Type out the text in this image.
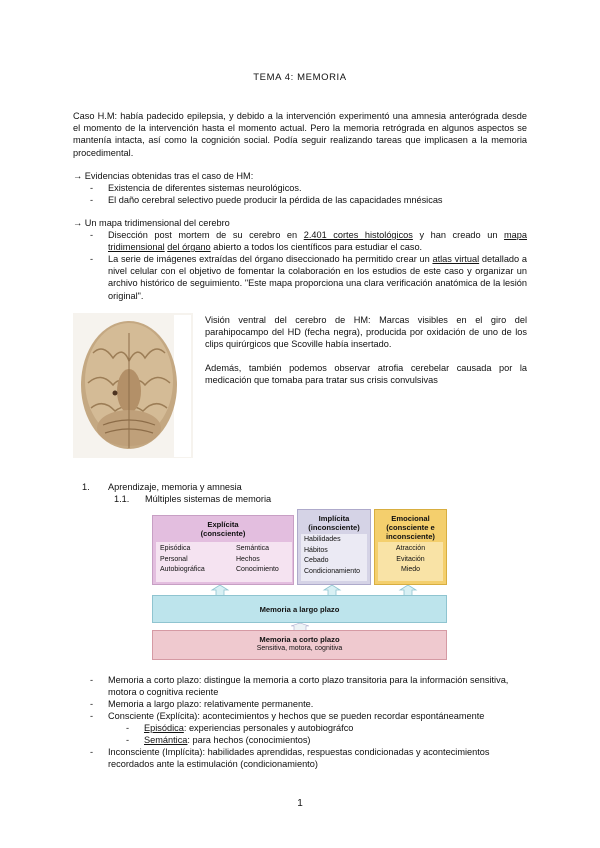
TEMA 4: MEMORIA
Caso H.M: había padecido epilepsia, y debido a la intervención experimentó una amnesia anterógrada desde el momento de la intervención hasta el momento actual. Pero la memoria retrógrada en algunos aspectos se mantenía intacta, así como la cognición social. Podía seguir realizando tareas que implicasen a la memoria procedimental.
→ Evidencias obtenidas tras el caso de HM:
- Existencia de diferentes sistemas neurológicos.
- El daño cerebral selectivo puede producir la pérdida de las capacidades mnésicas
→ Un mapa tridimensional del cerebro
- Disección post mortem de su cerebro en 2.401 cortes histológicos y han creado un mapa tridimensional del órgano abierto a todos los científicos para estudiar el caso.
- La serie de imágenes extraídas del órgano diseccionado ha permitido crear un atlas virtual detallado a nivel celular con el objetivo de fomentar la colaboración en los estudios de este caso y organizar un archivo histórico de seguimiento. "Este mapa proporciona una clara verificación anatómica de la lesión original".
Visión ventral del cerebro de HM: Marcas visibles en el giro del parahipocampo del HD (fecha negra), producida por oxidación de uno de los clips quirúrgicos que Scoville había insertado.
Además, también podemos observar atrofia cerebelar causada por la medicación que tomaba para tratar sus crisis convulsivas
1. Aprendizaje, memoria y amnesia
1.1. Múltiples sistemas de memoria
Explícita
(consciente)
Episódica
Personal
Autobiográfica
Semántica
Hechos
Conocimiento
Implícita
(inconsciente)
Habilidades
Hábitos
Cebado
Condicionamiento
Emocional
(consciente e
inconsciente)
Atracción
Evitación
Miedo
Memoria a largo plazo
Memoria a corto plazo
Sensitiva, motora, cognitiva
- Memoria a corto plazo: distingue la memoria a corto plazo transitoria para la información sensitiva,
motora o cognitiva reciente
- Memoria a largo plazo: relativamente permanente.
- Consciente (Explícita): acontecimientos y hechos que se pueden recordar espontáneamente
- Episódica: experiencias personales y autobiográfco
- Semántica: para hechos (conocimientos)
- Inconsciente (Implícita): habilidades aprendidas, respuestas condicionadas y acontecimientos
recordados ante la estimulación (condicionamiento)
1
